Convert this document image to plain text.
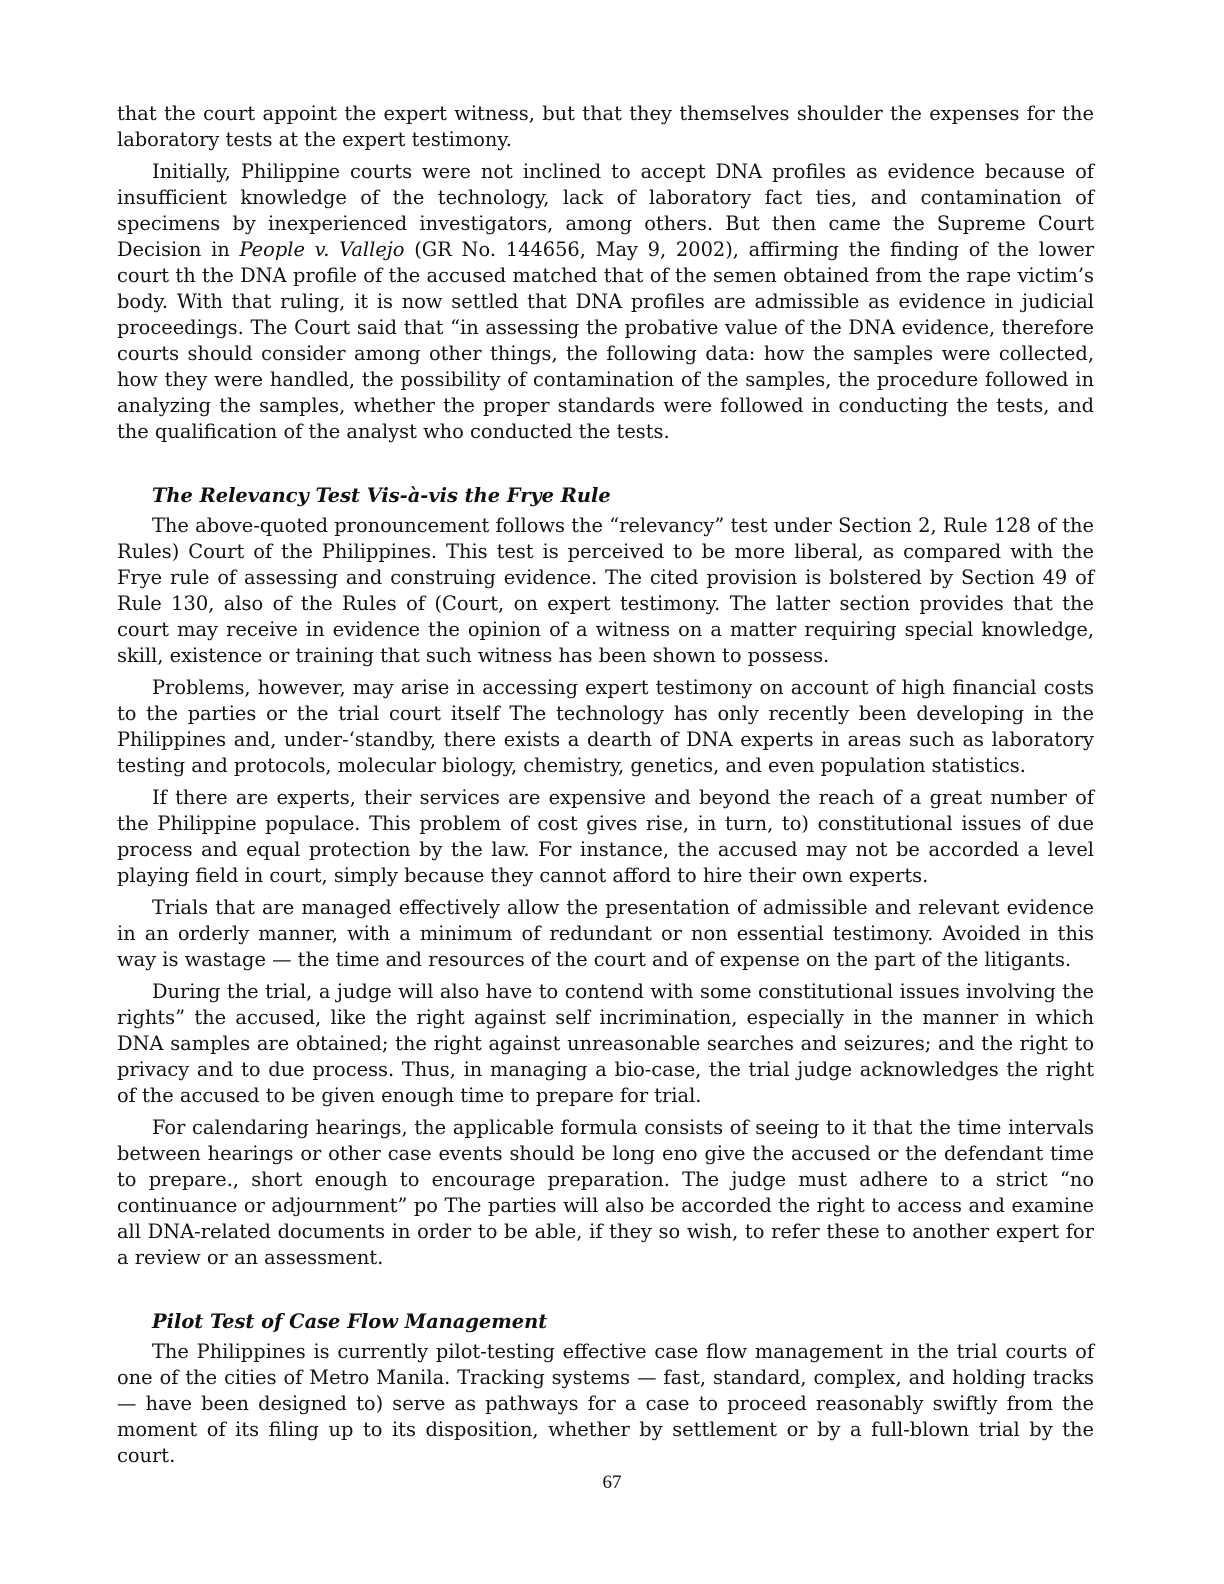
that the court appoint the expert witness, but that they themselves shoulder the expenses for the laboratory tests at the expert testimony.

Initially, Philippine courts were not inclined to accept DNA profiles as evidence because of insufficient knowledge of the technology, lack of laboratory fact ties, and contamination of specimens by inexperienced investigators, among others. But then came the Supreme Court Decision in People v. Vallejo (GR No. 144656, May 9, 2002), affirming the finding of the lower court th the DNA profile of the accused matched that of the semen obtained from the rape victim’s body. With that ruling, it is now settled that DNA profiles are admissible as evidence in judicial proceedings. The Court said that “in assessing the probative value of the DNA evidence, therefore courts should consider among other things, the following data: how the samples were collected, how they were handled, the possibility of contamination of the samples, the procedure followed in analyzing the samples, whether the proper standards were followed in conducting the tests, and the qualification of the analyst who conducted the tests.

The Relevancy Test Vis-à-vis the Frye Rule

The above-quoted pronouncement follows the “relevancy” test under Section 2, Rule 128 of the Rules) Court of the Philippines. This test is perceived to be more liberal, as compared with the Frye rule of assessing and construing evidence. The cited provision is bolstered by Section 49 of Rule 130, also of the Rules of (Court, on expert testimony. The latter section provides that the court may receive in evidence the opinion of a witness on a matter requiring special knowledge, skill, existence or training that such witness has been shown to possess.

Problems, however, may arise in accessing expert testimony on account of high financial costs to the parties or the trial court itself The technology has only recently been developing in the Philippines and, under-‘standby, there exists a dearth of DNA experts in areas such as laboratory testing and protocols, molecular biology, chemistry, genetics, and even population statistics.

If there are experts, their services are expensive and beyond the reach of a great number of the Philippine populace. This problem of cost gives rise, in turn, to) constitutional issues of due process and equal protection by the law. For instance, the accused may not be accorded a level playing field in court, simply because they cannot afford to hire their own experts.

Trials that are managed effectively allow the presentation of admissible and relevant evidence in an orderly manner, with a minimum of redundant or non essential testimony. Avoided in this way is wastage — the time and resources of the court and of expense on the part of the litigants.

During the trial, a judge will also have to contend with some constitutional issues involving the rights” the accused, like the right against self incrimination, especially in the manner in which DNA samples are obtained; the right against unreasonable searches and seizures; and the right to privacy and to due process. Thus, in managing a bio-case, the trial judge acknowledges the right of the accused to be given enough time to prepare for trial.

For calendaring hearings, the applicable formula consists of seeing to it that the time intervals between hearings or other case events should be long eno give the accused or the defendant time to prepare., short enough to encourage preparation. The judge must adhere to a strict “no continuance or adjournment” po The parties will also be accorded the right to access and examine all DNA-related documents in order to be able, if they so wish, to refer these to another expert for a review or an assessment.

Pilot Test of Case Flow Management

The Philippines is currently pilot-testing effective case flow management in the trial courts of one of the cities of Metro Manila. Tracking systems — fast, standard, complex, and holding tracks — have been designed to) serve as pathways for a case to proceed reasonably swiftly from the moment of its filing up to its disposition, whether by settlement or by a full-blown trial by the court.

67
